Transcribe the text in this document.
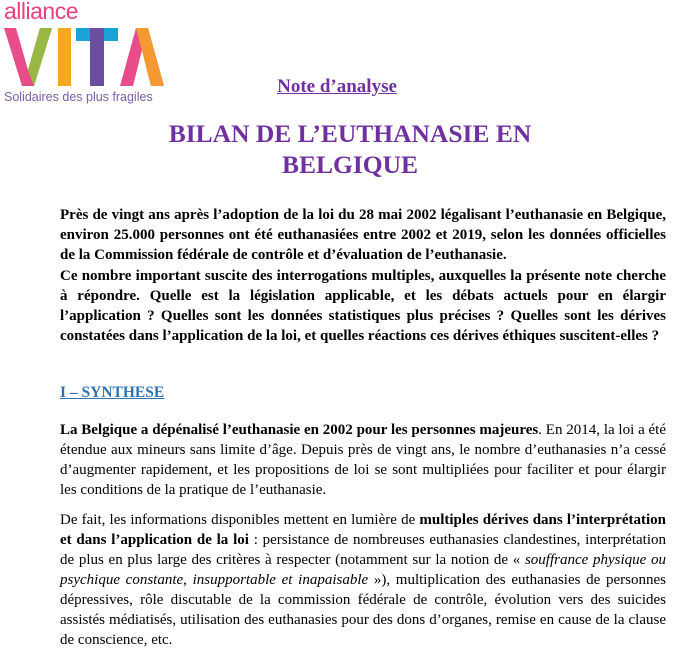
alliance
Solidaires des plus fragiles	Note d’analyse
BILAN DE L’EUTHANASIE EN BELGIQUE

Près de vingt ans après l’adoption de la loi du 28 mai 2002 légalisant l’euthanasie en Belgique, environ 25.000 personnes ont été euthanasiées entre 2002 et 2019, selon les données officielles de la Commission fédérale de contrôle et d’évaluation de l’euthanasie.

Ce nombre important suscite des interrogations multiples, auxquelles la présente note cherche à répondre. Quelle est la législation applicable, et les débats actuels pour en élargir l’application ? Quelles sont les données statistiques plus précises ? Quelles sont les dérives constatées dans l’application de la loi, et quelles réactions ces dérives éthiques suscitent-elles ?

I – SYNTHESE

La Belgique a dépénalisé l’euthanasie en 2002 pour les personnes majeures. En 2014, la loi a été étendue aux mineurs sans limite d’âge. Depuis près de vingt ans, le nombre d’euthanasies n’a cessé d’augmenter rapidement, et les propositions de loi se sont multipliées pour faciliter et pour élargir les conditions de la pratique de l’euthanasie.

De fait, les informations disponibles mettent en lumière de multiples dérives dans l’interprétation et dans l’application de la loi : persistance de nombreuses euthanasies clandestines, interprétation de plus en plus large des critères à respecter (notamment sur la notion de « souffrance physique ou psychique constante, insupportable et inapaisable »), multiplication des euthanasies de personnes dépressives, rôle discutable de la commission fédérale de contrôle, évolution vers des suicides assistés médiatisés, utilisation des euthanasies pour des dons d’organes, remise en cause de la clause de conscience, etc.
